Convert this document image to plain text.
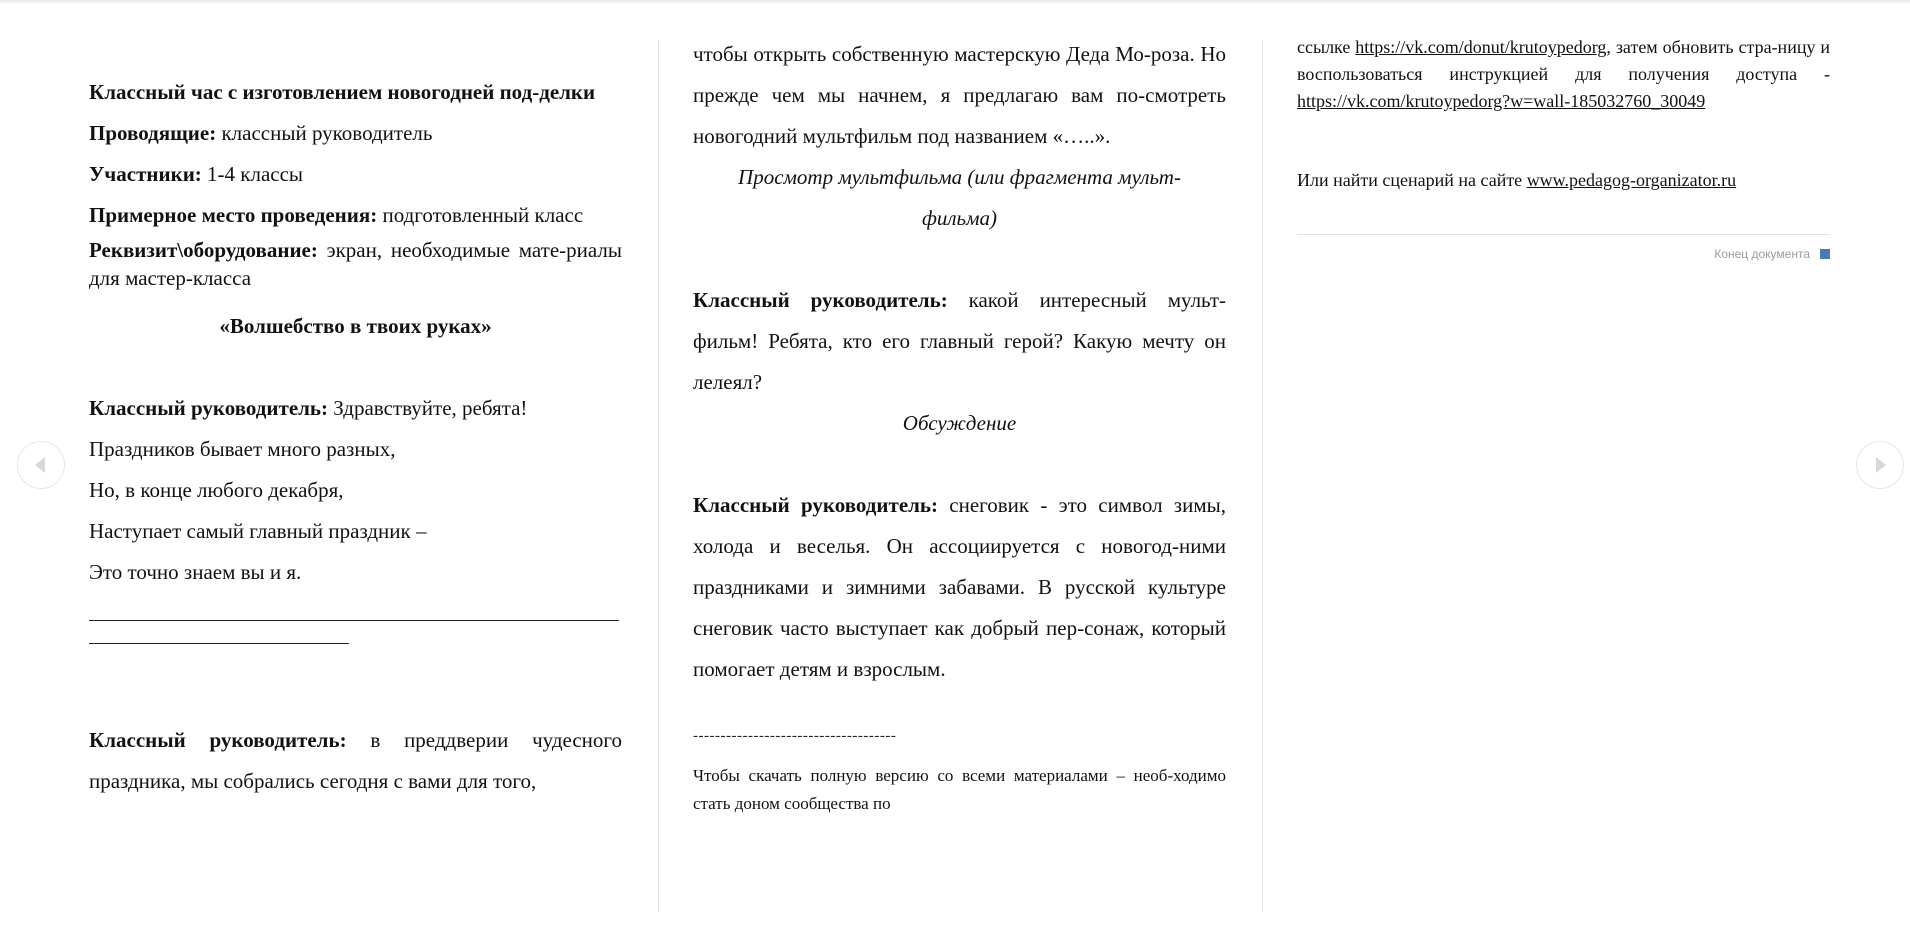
Классный час с изготовлением новогодней под-делки

Проводящие: классный руководитель

Участники: 1-4 классы

Примерное место проведения: подготовленный класс

Реквизит\оборудование: экран, необходимые мате-риалы для мастер-класса

«Волшебство в твоих руках»

Классный руководитель: Здравствуйте, ребята!

Праздников бывает много разных,

Но, в конце любого декабря,

Наступает самый главный праздник –

Это точно знаем вы и я.

Классный руководитель: в преддверии чудесного праздника, мы собрались сегодня с вами для того,

чтобы открыть собственную мастерскую Деда Мо-роза. Но прежде чем мы начнем, я предлагаю вам по-смотреть новогодний мультфильм под названием «…..».

Просмотр мультфильма (или фрагмента мульт-фильма)

Классный руководитель: какой интересный мульт-фильм! Ребята, кто его главный герой? Какую мечту он лелеял?

Обсуждение

Классный руководитель: снеговик - это символ зимы, холода и веселья. Он ассоциируется с новогод-ними праздниками и зимними забавами. В русской культуре снеговик часто выступает как добрый пер-сонаж, который помогает детям и взрослым.

-------------------------------------

Чтобы скачать полную версию со всеми материалами – необ-ходимо стать доном сообщества по

ссылке https://vk.com/donut/krutoypedorg, затем обновить стра-ницу и воспользоваться инструкцией для получения доступа - https://vk.com/krutoypedorg?w=wall-185032760_30049

Или найти сценарий на сайте www.pedagog-organizator.ru

Конец документа
